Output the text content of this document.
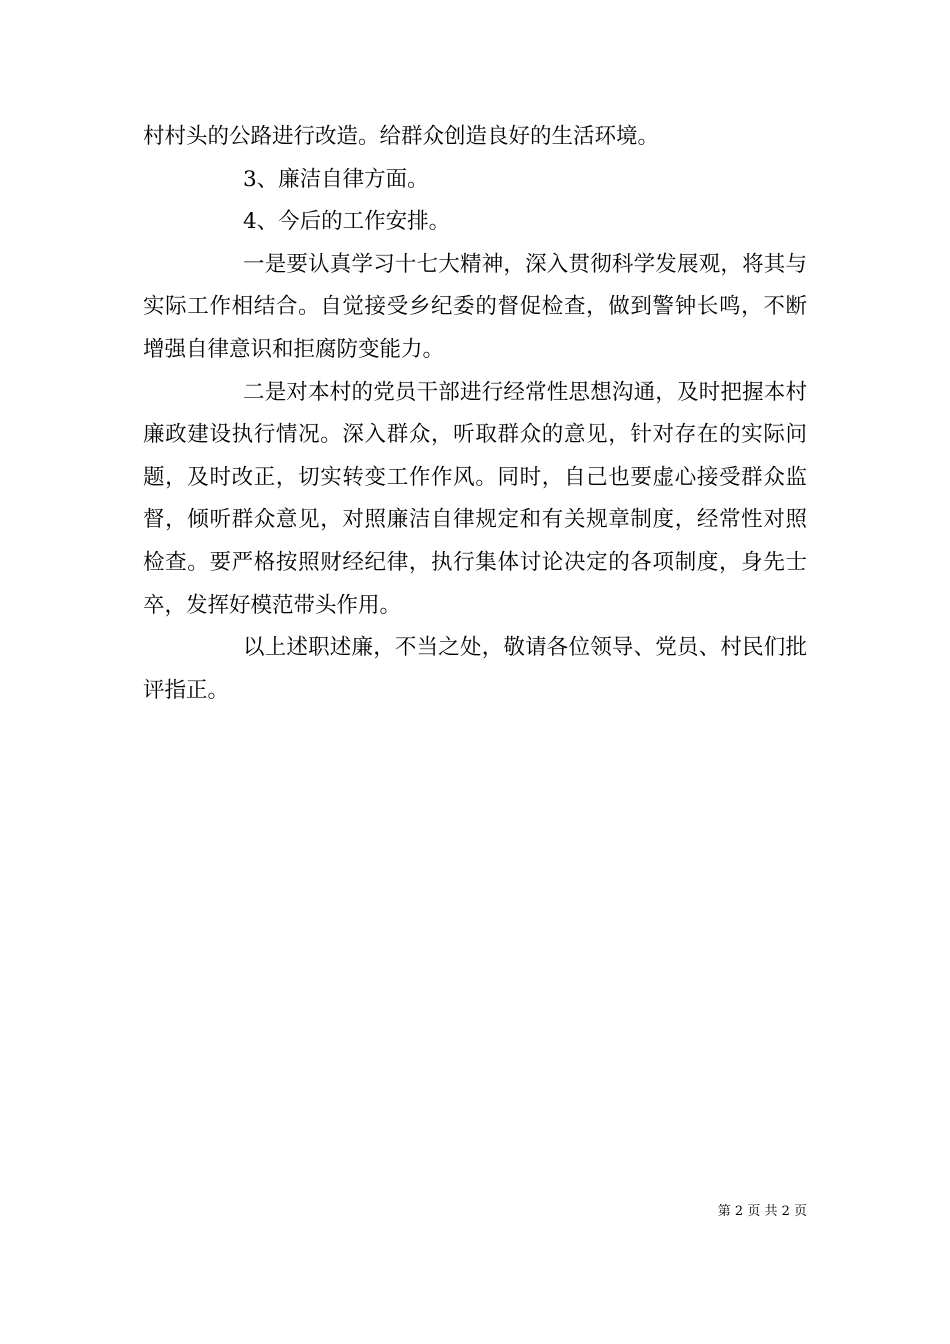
村村头的公路进行改造。给群众创造良好的生活环境。

3、廉洁自律方面。

4、今后的工作安排。

一是要认真学习十七大精神，深入贯彻科学发展观，将其与实际工作相结合。自觉接受乡纪委的督促检查，做到警钟长鸣，不断增强自律意识和拒腐防变能力。

二是对本村的党员干部进行经常性思想沟通，及时把握本村廉政建设执行情况。深入群众，听取群众的意见，针对存在的实际问题，及时改正，切实转变工作作风。同时，自己也要虚心接受群众监督，倾听群众意见，对照廉洁自律规定和有关规章制度，经常性对照检查。要严格按照财经纪律，执行集体讨论决定的各项制度，身先士卒，发挥好模范带头作用。

以上述职述廉，不当之处，敬请各位领导、党员、村民们批评指正。

第 2 页 共 2 页
